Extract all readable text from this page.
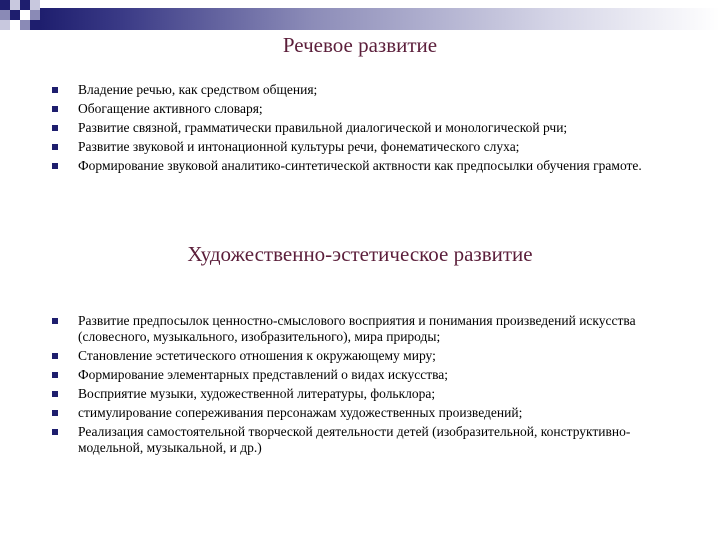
Речевое развитие
Владение речью, как средством общения;
Обогащение активного словаря;
Развитие связной, грамматически правильной диалогической и монологической рчи;
Развитие звуковой и интонационной культуры речи, фонематического слуха;
Формирование звуковой аналитико-синтетической актвности как предпосылки обучения грамоте.
Художественно-эстетическое развитие
Развитие предпосылок ценностно-смыслового восприятия и понимания произведений искусства (словесного, музыкального, изобразительного), мира природы;
Становление эстетического отношения к окружающему миру;
Формирование элементарных представлений о видах искусства;
Восприятие музыки, художественной литературы, фольклора;
стимулирование сопереживания персонажам художественных произведений;
Реализация самостоятельной творческой деятельности детей (изобразительной, конструктивно-модельной, музыкальной, и др.)
